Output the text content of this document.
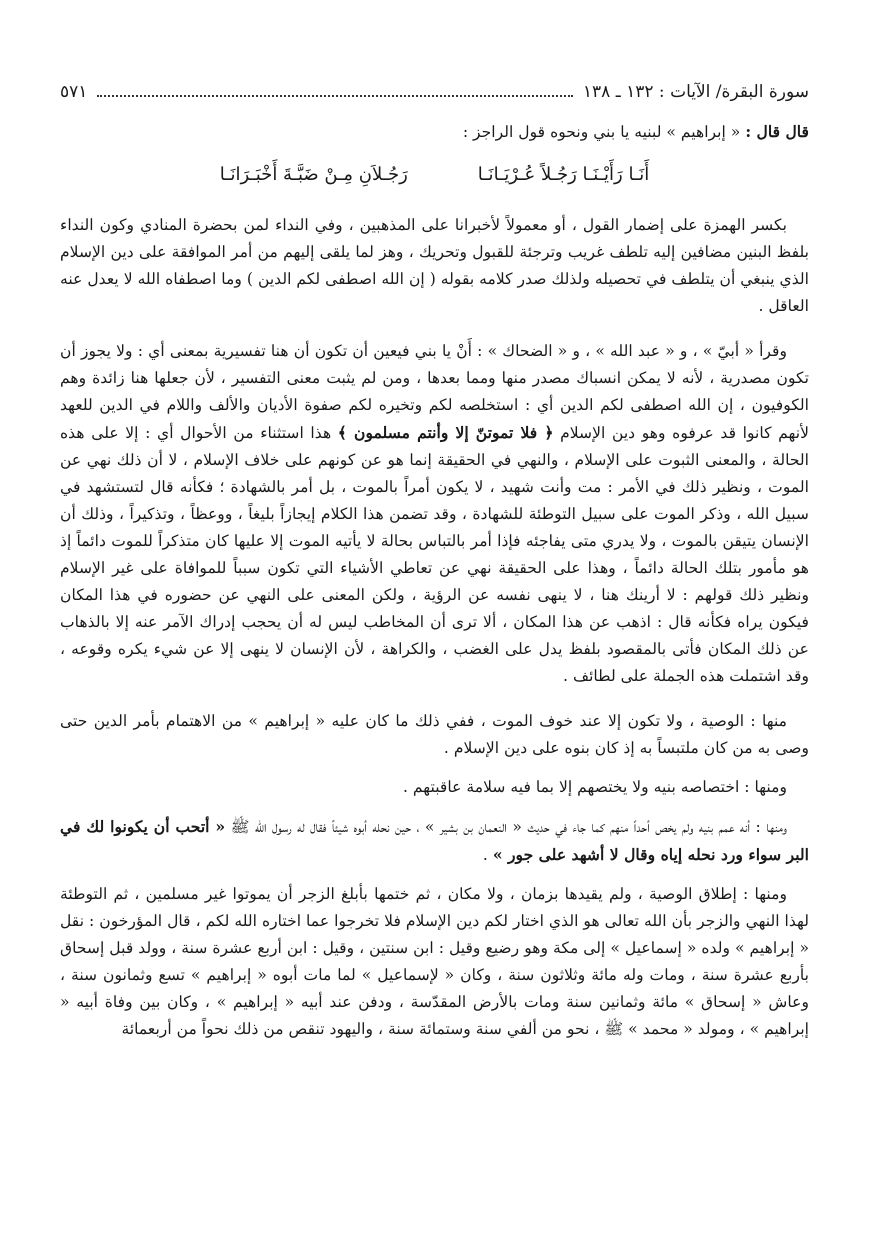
سورة البقرة/ الآيات : ١٣٢ ـ ١٣٨
٥٧١

قال قال : « إبراهيم » لبنيه يا بني ونحوه قول الراجز :

أَنَـا رَأَيْـنَـا رَجُـلاً عُـرْيَـانَـا
رَجُـلاَنِ مِـنْ ضَبَّـةَ أَخْبَـرَانَـا

بكسر الهمزة على إضمار القول ، أو معمولاً لأخبرانا على المذهبين ، وفي النداء لمن بحضرة المنادي وكون النداء بلفظ البنين مضافين إليه تلطف غريب وترجئة للقبول وتحريك ، وهز لما يلقى إليهم من أمر الموافقة على دين الإسلام الذي ينبغي أن يتلطف في تحصيله ولذلك صدر كلامه بقوله ( إن الله اصطفى لكم الدين ) وما اصطفاه الله لا يعدل عنه العاقل .

وقرأ « أبيّ » ، و « عبد الله » ، و « الضحاك » : أَنْ يا بني فيعين أن تكون أن هنا تفسيرية بمعنى أي : ولا يجوز أن تكون مصدرية ، لأنه لا يمكن انسباك مصدر منها ومما بعدها ، ومن لم يثبت معنى التفسير ، لأن جعلها هنا زائدة وهم الكوفيون ، إن الله اصطفى لكم الدين أي : استخلصه لكم وتخيره لكم صفوة الأديان والألف واللام في الدين للعهد لأنهم كانوا قد عرفوه وهو دين الإسلام ﴿ فلا تموتنّ إلا وأنتم مسلمون ﴾ هذا استثناء من الأحوال أي : إلا على هذه الحالة ، والمعنى الثبوت على الإسلام ، والنهي في الحقيقة إنما هو عن كونهم على خلاف الإسلام ، لا أن ذلك نهي عن الموت ، ونظير ذلك في الأمر : مت وأنت شهيد ، لا يكون أمراً بالموت ، بل أمر بالشهادة ؛ فكأنه قال لتستشهد في سبيل الله ، وذكر الموت على سبيل التوطئة للشهادة ، وقد تضمن هذا الكلام إيجازاً بليغاً ، ووعظاً ، وتذكيراً ، وذلك أن الإنسان يتيقن بالموت ، ولا يدري متى يفاجئه فإذا أمر بالتباس بحالة لا يأتيه الموت إلا عليها كان متذكراً للموت دائماً إذ هو مأمور بتلك الحالة دائماً ، وهذا على الحقيقة نهي عن تعاطي الأشياء التي تكون سبباً للموافاة على غير الإسلام ونظير ذلك قولهم : لا أرينك هنا ، لا ينهى نفسه عن الرؤية ، ولكن المعنى على النهي عن حضوره في هذا المكان فيكون يراه فكأنه قال : اذهب عن هذا المكان ، ألا ترى أن المخاطب ليس له أن يحجب إدراك الآمر عنه إلا بالذهاب عن ذلك المكان فأتى بالمقصود بلفظ يدل على الغضب ، والكراهة ، لأن الإنسان لا ينهى إلا عن شيء يكره وقوعه ، وقد اشتملت هذه الجملة على لطائف .

منها : الوصية ، ولا تكون إلا عند خوف الموت ، ففي ذلك ما كان عليه « إبراهيم » من الاهتمام بأمر الدين حتى وصى به من كان ملتبساً به إذ كان بنوه على دين الإسلام .

ومنها : اختصاصه بنيه ولا يختصهم إلا بما فيه سلامة عاقبتهم .

ومنها : أنه عمم بنيه ولم يخص أحداً منهم كما جاء في حديث « النعمان بن بشير » ، حين نحله أبوه شيئاً فقال له رسول الله ﷺ « أتحب أن يكونوا لك في البر سواء ورد نحله إياه وقال لا أشهد على جور » .

ومنها : إطلاق الوصية ، ولم يقيدها بزمان ، ولا مكان ، ثم ختمها بأبلغ الزجر أن يموتوا غير مسلمين ، ثم التوطئة لهذا النهي والزجر بأن الله تعالى هو الذي اختار لكم دين الإسلام فلا تخرجوا عما اختاره الله لكم ، قال المؤرخون : نقل « إبراهيم » ولده « إسماعيل » إلى مكة وهو رضيع وقيل : ابن سنتين ، وقيل : ابن أربع عشرة سنة ، وولد قبل إسحاق بأربع عشرة سنة ، ومات وله مائة وثلاثون سنة ، وكان « لإسماعيل » لما مات أبوه « إبراهيم » تسع وثمانون سنة ، وعاش « إسحاق » مائة وثمانين سنة ومات بالأرض المقدّسة ، ودفن عند أبيه « إبراهيم » ، وكان بين وفاة أبيه « إبراهيم » ، ومولد « محمد » ﷺ ، نحو من ألفي سنة وستمائة سنة ، واليهود تنقص من ذلك نحواً من أربعمائة
